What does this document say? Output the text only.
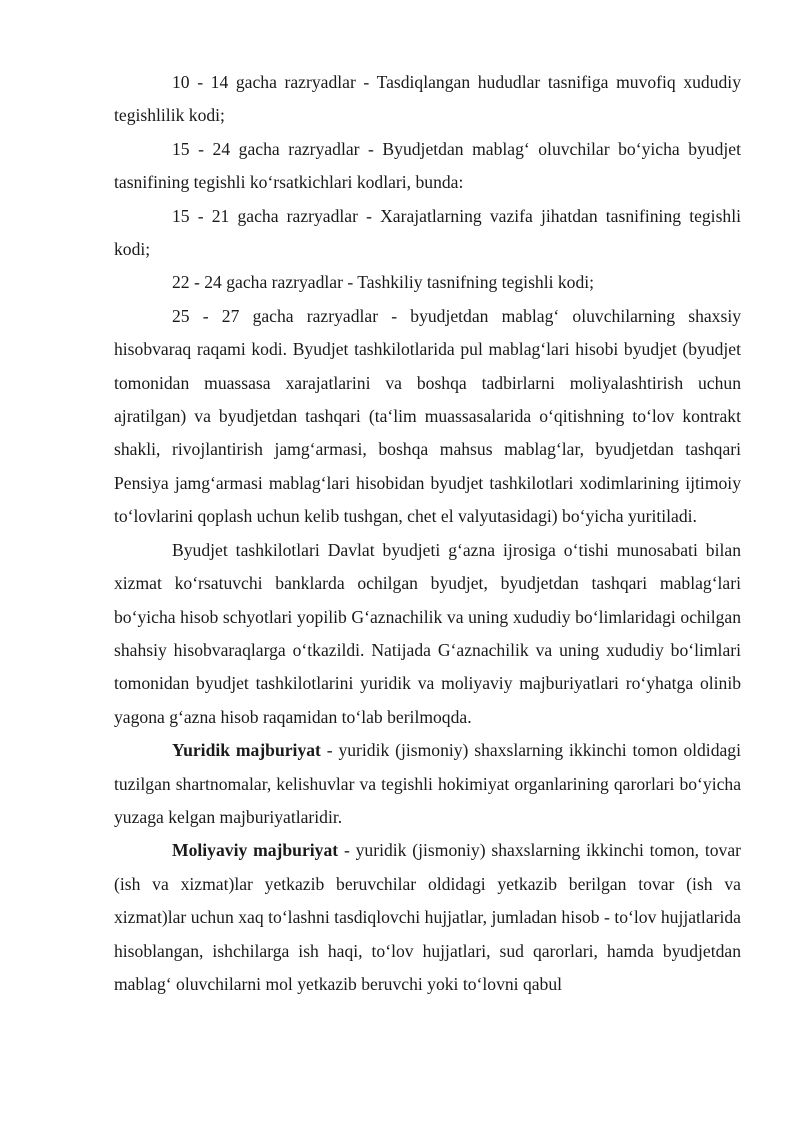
10 - 14 gacha razryadlar - Tasdiqlangan hududlar tasnifiga muvofiq xududiy tegishlilik kodi;

15 - 24 gacha razryadlar - Byudjetdan mablag‘ oluvchilar bo‘yicha byudjet tasnifining tegishli ko‘rsatkichlari kodlari, bunda:

15 - 21 gacha razryadlar - Xarajatlarning vazifa jihatdan tasnifining tegishli kodi;

22 - 24 gacha razryadlar - Tashkiliy tasnifning tegishli kodi;

25 - 27 gacha razryadlar - byudjetdan mablag‘ oluvchilarning shaxsiy hisobvaraq raqami kodi. Byudjet tashkilotlarida pul mablag‘lari hisobi byudjet (byudjet tomonidan muassasa xarajatlarini va boshqa tadbirlarni moliyalashtirish uchun ajratilgan) va byudjetdan tashqari (ta‘lim muassasalarida o‘qitishning to‘lov kontrakt shakli, rivojlantirish jamg‘armasi, boshqa mahsus mablag‘lar, byudjetdan tashqari Pensiya jamg‘armasi mablag‘lari hisobidan byudjet tashkilotlari xodimlarining ijtimoiy to‘lovlarini qoplash uchun kelib tushgan, chet el valyutasidagi) bo‘yicha yuritiladi.

Byudjet tashkilotlari Davlat byudjeti g‘azna ijrosiga o‘tishi munosabati bilan xizmat ko‘rsatuvchi banklarda ochilgan byudjet, byudjetdan tashqari mablag‘lari bo‘yicha hisob schyotlari yopilib G‘aznachilik va uning xududiy bo‘limlaridagi ochilgan shahsiy hisobvaraqlarga o‘tkazildi. Natijada G‘aznachilik va uning xududiy bo‘limlari tomonidan byudjet tashkilotlarini yuridik va moliyaviy majburiyatlari ro‘yhatga olinib yagona g‘azna hisob raqamidan to‘lab berilmoqda.

Yuridik majburiyat - yuridik (jismoniy) shaxslarning ikkinchi tomon oldidagi tuzilgan shartnomalar, kelishuvlar va tegishli hokimiyat organlarining qarorlari bo‘yicha yuzaga kelgan majburiyatlaridir.

Moliyaviy majburiyat - yuridik (jismoniy) shaxslarning ikkinchi tomon, tovar (ish va xizmat)lar yetkazib beruvchilar oldidagi yetkazib berilgan tovar (ish va xizmat)lar uchun xaq to‘lashni tasdiqlovchi hujjatlar, jumladan hisob - to‘lov hujjatlarida hisoblangan, ishchilarga ish haqi, to‘lov hujjatlari, sud qarorlari, hamda byudjetdan mablag‘ oluvchilarni mol yetkazib beruvchi yoki to‘lovni qabul
